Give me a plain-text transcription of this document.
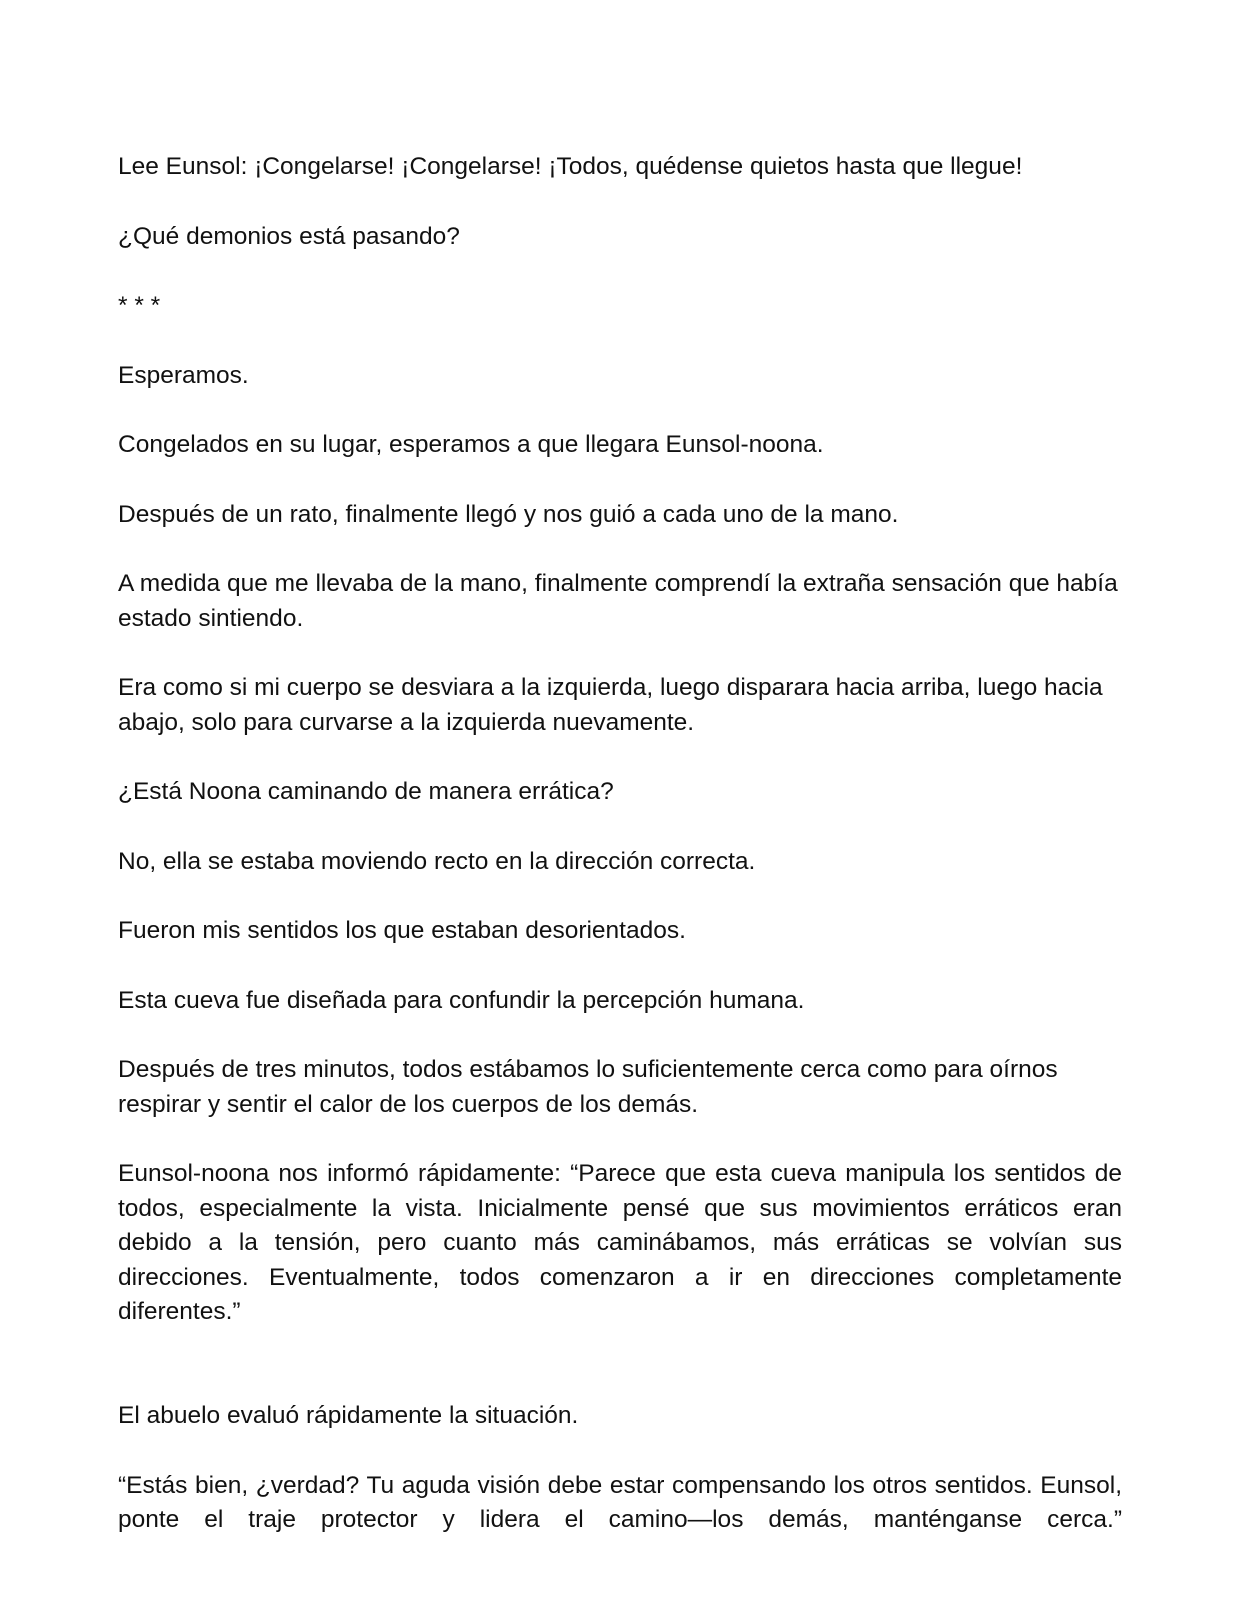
Lee Eunsol: ¡Congelarse! ¡Congelarse! ¡Todos, quédense quietos hasta que llegue!

¿Qué demonios está pasando?

* * *

Esperamos.

Congelados en su lugar, esperamos a que llegara Eunsol-noona.

Después de un rato, finalmente llegó y nos guió a cada uno de la mano.

A medida que me llevaba de la mano, finalmente comprendí la extraña sensación que había estado sintiendo.

Era como si mi cuerpo se desviara a la izquierda, luego disparara hacia arriba, luego hacia abajo, solo para curvarse a la izquierda nuevamente.

¿Está Noona caminando de manera errática?

No, ella se estaba moviendo recto en la dirección correcta.

Fueron mis sentidos los que estaban desorientados.

Esta cueva fue diseñada para confundir la percepción humana.

Después de tres minutos, todos estábamos lo suficientemente cerca como para oírnos respirar y sentir el calor de los cuerpos de los demás.

Eunsol-noona nos informó rápidamente: “Parece que esta cueva manipula los sentidos de todos, especialmente la vista. Inicialmente pensé que sus movimientos erráticos eran debido a la tensión, pero cuanto más caminábamos, más erráticas se volvían sus direcciones. Eventualmente, todos comenzaron a ir en direcciones completamente diferentes.”

El abuelo evaluó rápidamente la situación.

“Estás bien, ¿verdad? Tu aguda visión debe estar compensando los otros sentidos. Eunsol, ponte el traje protector y lidera el camino—los demás, manténganse cerca.”
